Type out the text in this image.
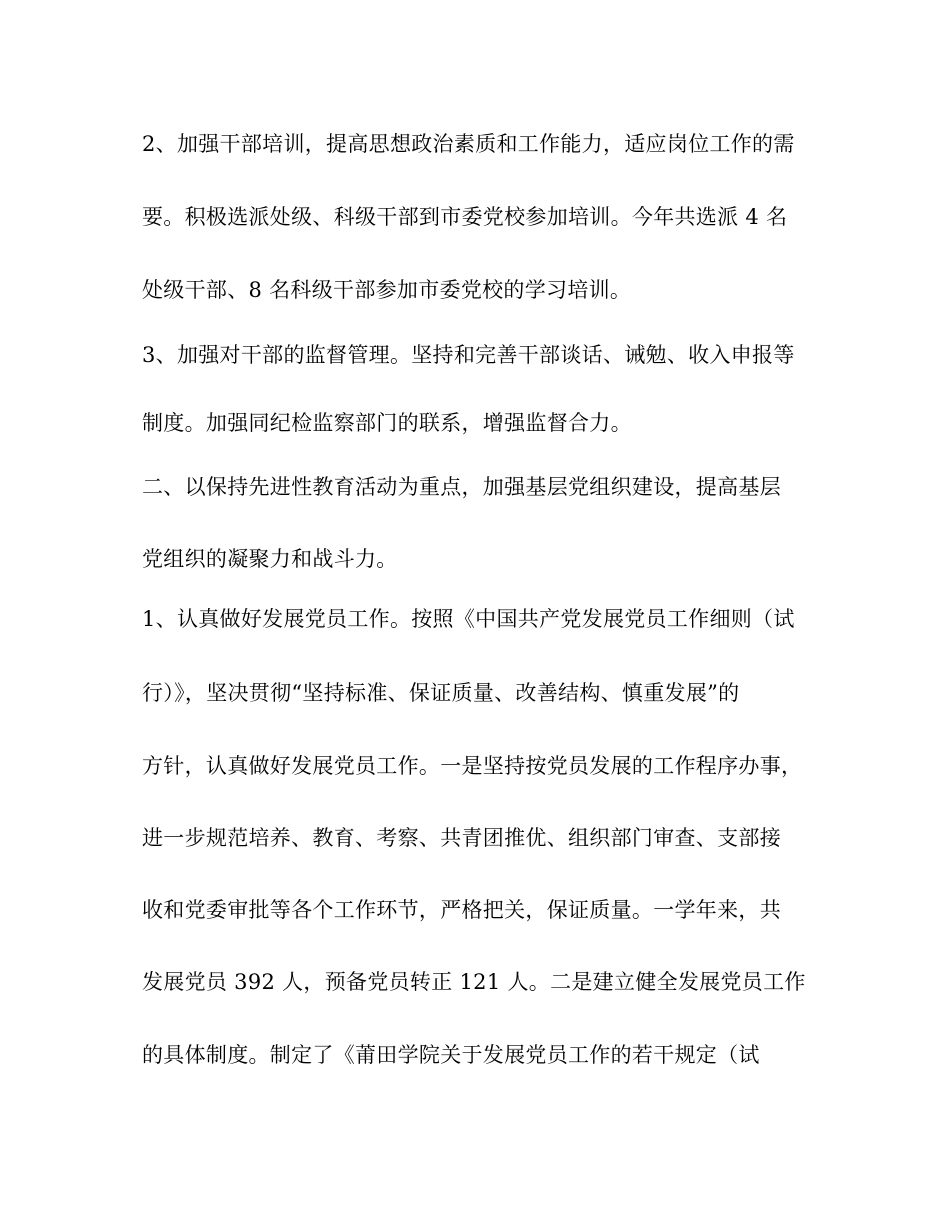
2、加强干部培训，提高思想政治素质和工作能力，适应岗位工作的需
要。积极选派处级、科级干部到市委党校参加培训。今年共选派 4 名
处级干部、8 名科级干部参加市委党校的学习培训。
3、加强对干部的监督管理。坚持和完善干部谈话、诫勉、收入申报等
制度。加强同纪检监察部门的联系，增强监督合力。
二、以保持先进性教育活动为重点，加强基层党组织建设，提高基层
党组织的凝聚力和战斗力。
1、认真做好发展党员工作。按照《中国共产党发展党员工作细则（试
行）》，坚决贯彻“坚持标准、保证质量、改善结构、慎重发展”的
方针，认真做好发展党员工作。一是坚持按党员发展的工作程序办事，
进一步规范培养、教育、考察、共青团推优、组织部门审查、支部接
收和党委审批等各个工作环节，严格把关，保证质量。一学年来，共
发展党员 392 人，预备党员转正 121 人。二是建立健全发展党员工作
的具体制度。制定了《莆田学院关于发展党员工作的若干规定（试
